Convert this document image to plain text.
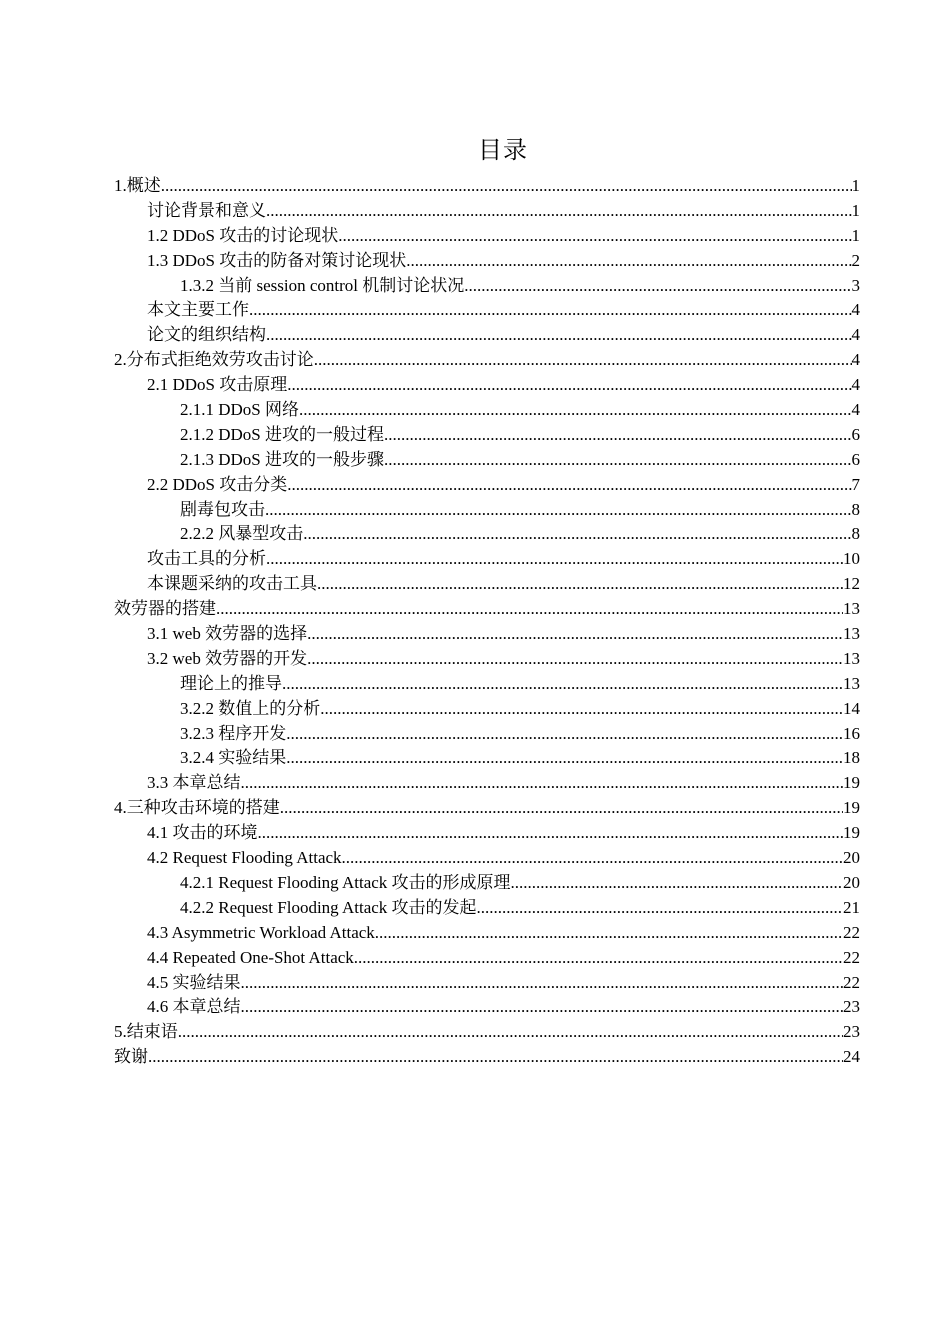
目录
1.概述 .....	1
讨论背景和意义 .....	1
1.2 DDoS 攻击的讨论现状 .....	1
1.3 DDoS 攻击的防备对策讨论现状 .....	2
1.3.2 当前 session control 机制讨论状况 .....	3
本文主要工作 .....	4
论文的组织结构 .....	4
2.分布式拒绝效劳攻击讨论 .....	4
2.1 DDoS 攻击原理 .....	4
2.1.1 DDoS 网络 .....	4
2.1.2 DDoS 进攻的一般过程 .....	6
2.1.3 DDoS 进攻的一般步骤 .....	6
2.2 DDoS 攻击分类 .....	7
剧毒包攻击 .....	8
2.2.2 风暴型攻击 .....	8
攻击工具的分析 .....	10
本课题采纳的攻击工具 .....	12
效劳器的搭建 .....	13
3.1 web 效劳器的选择 .....	13
3.2 web 效劳器的开发 .....	13
理论上的推导 .....	13
3.2.2 数值上的分析 .....	14
3.2.3 程序开发 .....	16
3.2.4 实验结果 .....	18
3.3 本章总结 .....	19
4.三种攻击环境的搭建 .....	19
4.1 攻击的环境 .....	19
4.2 Request Flooding Attack .....	20
4.2.1 Request Flooding Attack 攻击的形成原理 .....	20
4.2.2 Request Flooding Attack 攻击的发起 .....	21
4.3 Asymmetric Workload Attack .....	22
4.4 Repeated One-Shot Attack .....	22
4.5 实验结果 .....	22
4.6 本章总结 .....	23
5.结束语 .....	23
致谢 .....	24
